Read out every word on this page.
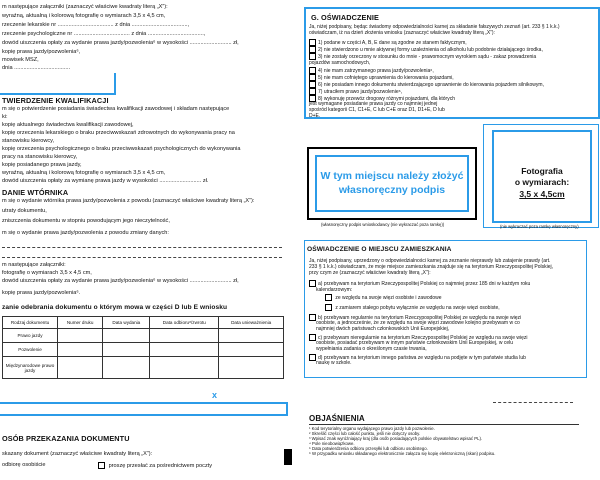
m następujące załączniki (zaznaczyć właściwe kwadraty literą „X”):
wyraźną, aktualną i kolorową fotografię o wymiarach 3,5 x 4,5 cm,
rzeczenie lekarskie nr .................................... z dnia ....................................,
rzeczenie psychologiczne nr .................................... z dnia ....................................,
dowód uiszczenia opłaty za wydanie prawa jazdy/pozwolenia⁶ w wysokości ........................... zł,
kopię prawa jazdy/pozwolenia⁶,
mowisek MSZ,
dnia ....................................
TWIERDZENIE KWALIFIKACJI
m się o potwierdzenie posiadania świadectwa kwalifikacji zawodowej i składam następujące
ki:
kopię aktualnego świadectwa kwalifikacji zawodowej,
kopię orzeczenia lekarskiego o braku przeciwwskazań zdrowotnych do wykonywania pracy na
stanowisku kierowcy,
kopię orzeczenia psychologicznego o braku przeciwwskazań psychologicznych do wykonywania
pracy na stanowisku kierowcy,
kopię posiadanego prawa jazdy,
wyraźną, aktualną i kolorową fotografię o wymiarach 3,5 x 4,5 cm,
dowód uiszczenia opłaty za wymianę prawa jazdy w wysokości ........................... zł.
DANIE WTÓRNIKA
m się o wydanie wtórnika prawa jazdy/pozwolenia z powodu (zaznaczyć właściwe kwadraty literą „X”):
utraty dokumentu,
zniszczenia dokumentu w stopniu powodującym jego nieczytelność,
m się o wydanie prawa jazdy/pozwolenia z powodu zmiany danych:
m następujące załączniki:
fotografię o wymiarach 3,5 x 4,5 cm,
dowód uiszczenia opłaty za wydanie prawa jazdy/pozwolenia⁶ w wysokości ........................... zł,
kopię prawa jazdy/pozwolenia⁶.
zanie odebrania dokumentu o którym mowa w części D lub E wniosku
Rodzaj dokumentu	Numer druku	Data wydania	Data odbioru⁸/zwrotu	Data unieważnienia
Prawo jazdy				
Pozwolenie				
Międzynarodowe prawo jazdy				
x
OSÓB PRZEKAZANIA DOKUMENTU
skazany dokument (zaznaczyć właściwe kwadraty literą „X”):
odbiorę osobiście	proszę przesłać za pośrednictwem poczty
G. OŚWIADCZENIE
Ja, niżej podpisany, będąc świadomy odpowiedzialności karnej za składanie fałszywych zeznań (art. 233 § 1 k.k.)
oświadczam, iż na dzień złożenia wniosku (zaznaczyć właściwe kwadraty literą „X”):
1) podane w części A, B, E dane są zgodne ze stanem faktycznym,
2) nie stwierdzono u mnie aktywnej formy uzależnienia od alkoholu lub podobnie działającego środka,
3) nie zostały orzeczony w stosunku do mnie - prawomocnym wyrokiem sądu - zakaz prowadzenia
pojazdów samochodowych,
4) nie mam zatrzymanego prawa jazdy/pozwolenia⁶,
5) nie mam cofniętego uprawnienia do kierowania pojazdami,
6) nie posiadam innego dokumentu stwierdzającego uprawnienie do kierowania pojazdem silnikowym,
7) utraciłem prawo jazdy/pozwolenie⁶,
8) wykonuję przewóz drogowy różnymi pojazdami, dla których
jest wymagane posiadanie prawa jazdy co najmniej jednej
spośród kategorii C1, C1+E, C lub C+E oraz D1, D1+E, D lub
D+E.
W tym miejscu należy złożyć
własnoręczny podpis
(własnoręczny podpis wnioskodawcy (nie wykraczać poza ramkę))
Fotografia
o wymiarach:
3,5 x 4,5cm
(nie wykraczać poza ramkę własnoręczny)
OŚWIADCZENIE O MIEJSCU ZAMIESZKANIA
Ja, niżej podpisany, uprzedzony o odpowiedzialności karnej za zeznanie nieprawdy lub zatajenie prawdy (art.
233 § 1 k.k.) oświadczam, że moje miejsce zamieszkania znajduje się na terytorium Rzeczypospolitej Polskiej,
przy czym ze (zaznaczyć właściwe kwadraty literą „X”):
a) przebywam na terytorium Rzeczypospolitej Polskiej co najmniej przez 185 dni w każdym roku
kalendarzowym:
ze względu na swoje więzi osobiste i zawodowe
z zamiarem stałego pobytu wyłącznie ze względu na swoje więzi osobiste,
b) przebywam regularnie na terytorium Rzeczypospolitej Polskiej ze względu na swoje więzi
osobiste, a jednocześnie, że ze względu na swoje więzi zawodowe kolejno przebywam w co
najmniej dwóch państwach członkowskich Unii Europejskiej,
c) przebywam nieregularnie na terytorium Rzeczypospolitej Polskiej ze względu na swoje więzi
osobiste, posiadać przebywam w innym państwie członkowskim Unii Europejskiej, w celu
wypełniania zadania o określonym czasie trwania,
d) przebywam na terytorium innego państwa ze względu na podjęte w tym państwie studia lub
naukę w szkole.
OBJAŚNIENIA
¹ Kod terytorialny organu wydającego prawo jazdy lub pozwolenie.
² Skreślić części lub całość punktu, jeśli nie dotyczy osoby.
³ Wpisać znak wyróżniający kraj (dla osób posiadających polskie obywatelstwo wpisać PL).
⁴ Pole nieobowiązkowe.
⁵ Data potwierdzenia odbioru przesyłki lub odbioru osobistego.
⁶ W przypadku wniosku składanego elektronicznie załącza się kopię elektroniczną (skan) podpisu.
